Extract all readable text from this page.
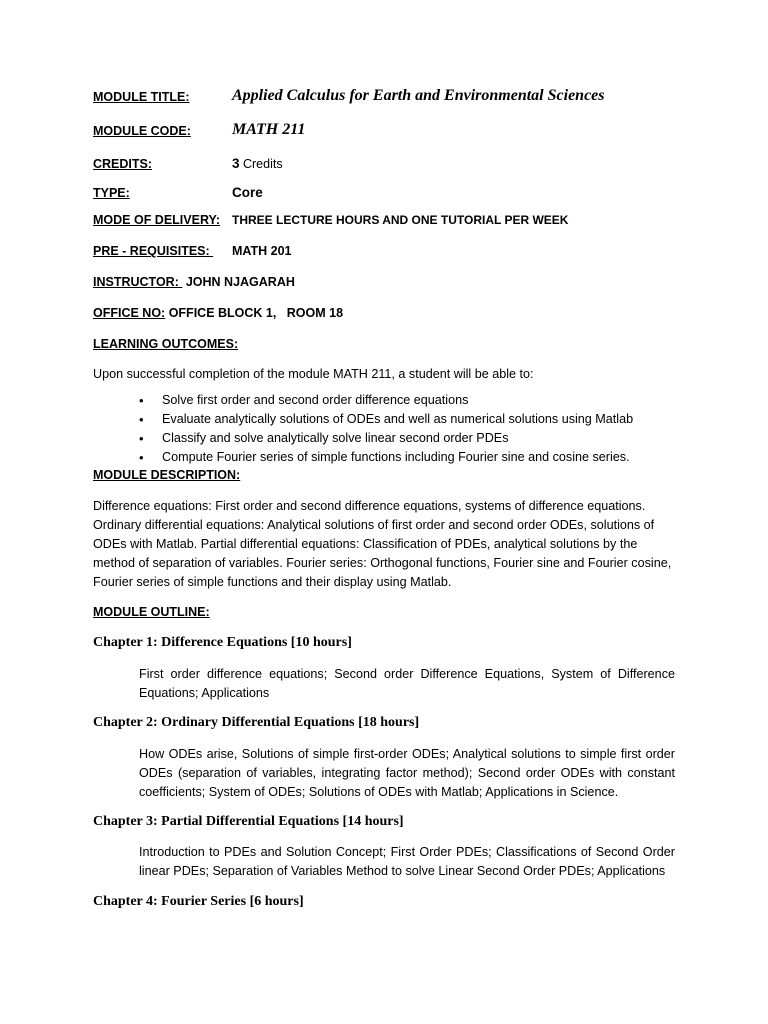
MODULE TITLE:	Applied Calculus for Earth and Environmental Sciences
MODULE CODE:	MATH 211
CREDITS:	3 Credits
TYPE:	Core
MODE OF DELIVERY: THREE LECTURE HOURS AND ONE TUTORIAL PER WEEK
PRE - REQUISITES: MATH 201
INSTRUCTOR:  JOHN NJAGARAH
OFFICE NO: OFFICE BLOCK 1,   ROOM 18
LEARNING OUTCOMES:
Upon successful completion of the module MATH 211, a student will be able to:
• Solve first order and second order difference equations
• Evaluate analytically solutions of ODEs and well as numerical solutions using Matlab
• Classify and solve analytically solve linear second order PDEs
• Compute Fourier series of simple functions including Fourier sine and cosine series.
MODULE DESCRIPTION:
Difference equations: First order and second difference equations, systems of difference equations. Ordinary differential equations: Analytical solutions of first order and second order ODEs, solutions of ODEs with Matlab. Partial differential equations: Classification of PDEs, analytical solutions by the method of separation of variables. Fourier series: Orthogonal functions, Fourier sine and Fourier cosine, Fourier series of simple functions and their display using Matlab.
MODULE OUTLINE:
Chapter 1: Difference Equations [10 hours]
First order difference equations; Second order Difference Equations, System of Difference Equations; Applications
Chapter 2: Ordinary Differential Equations [18 hours]
How ODEs arise, Solutions of simple first-order ODEs; Analytical solutions to simple first order ODEs (separation of variables, integrating factor method); Second order ODEs with constant coefficients; System of ODEs; Solutions of ODEs with Matlab; Applications in Science.
Chapter 3: Partial Differential Equations [14 hours]
Introduction to PDEs and Solution Concept; First Order PDEs; Classifications of Second Order linear PDEs; Separation of Variables Method to solve Linear Second Order PDEs; Applications
Chapter 4: Fourier Series [6 hours]
